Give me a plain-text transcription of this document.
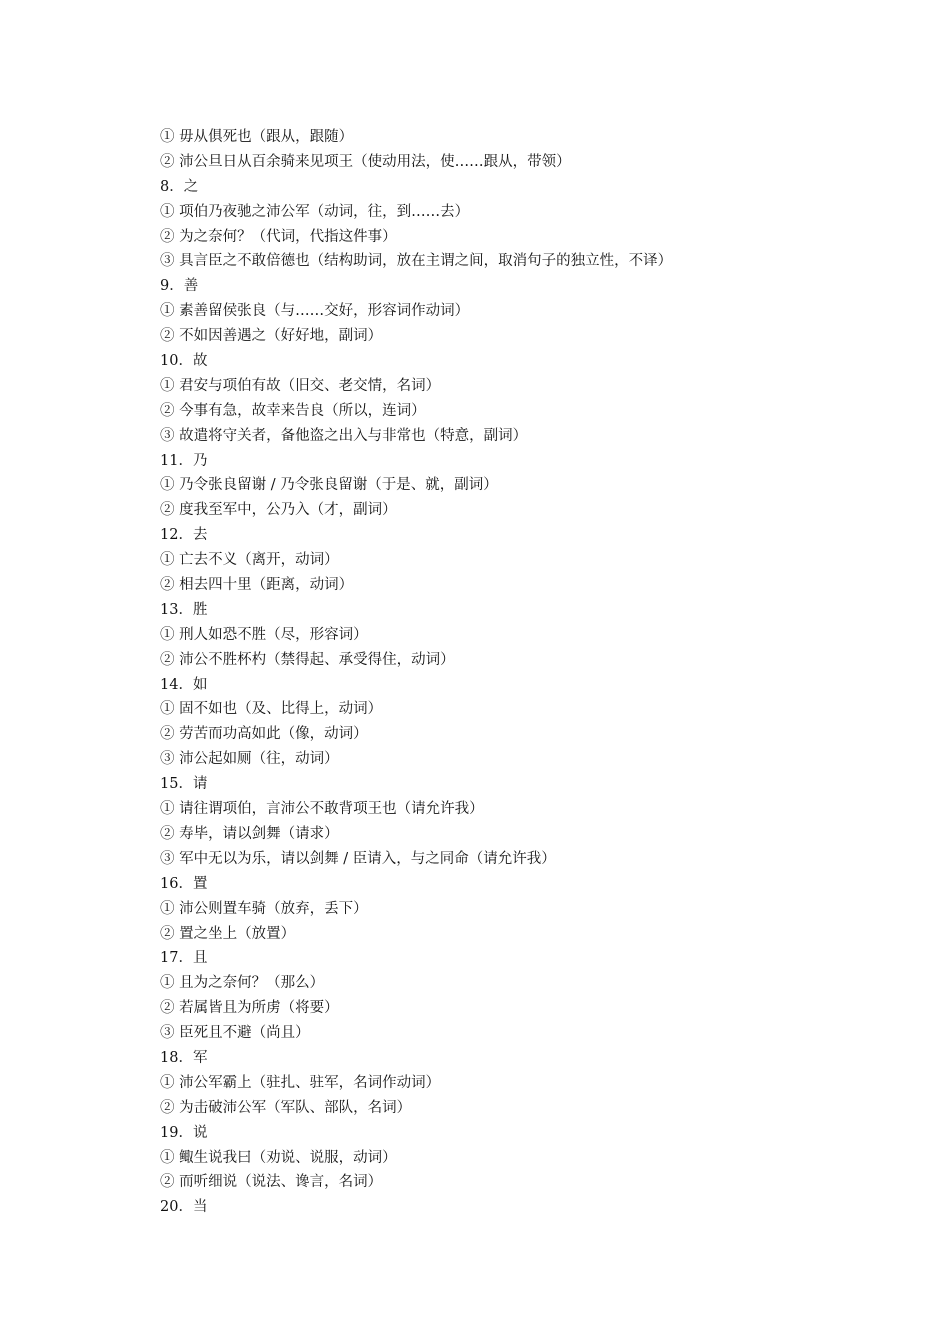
① 毋从俱死也（跟从，跟随）
② 沛公旦日从百余骑来见项王（使动用法，使……跟从，带领）
8．之
① 项伯乃夜驰之沛公军（动词，往，到……去）
② 为之奈何？（代词，代指这件事）
③ 具言臣之不敢倍德也（结构助词，放在主谓之间，取消句子的独立性，不译）
9．善
① 素善留侯张良（与……交好，形容词作动词）
② 不如因善遇之（好好地，副词）
10．故
① 君安与项伯有故（旧交、老交情，名词）
② 今事有急，故幸来告良（所以，连词）
③ 故遣将守关者，备他盗之出入与非常也（特意，副词）
11．乃
① 乃令张良留谢 / 乃令张良留谢（于是、就，副词）
② 度我至军中，公乃入（才，副词）
12．去
① 亡去不义（离开，动词）
② 相去四十里（距离，动词）
13．胜
① 刑人如恐不胜（尽，形容词）
② 沛公不胜杯杓（禁得起、承受得住，动词）
14．如
① 固不如也（及、比得上，动词）
② 劳苦而功高如此（像，动词）
③ 沛公起如厕（往，动词）
15．请
① 请往谓项伯，言沛公不敢背项王也（请允许我）
② 寿毕，请以剑舞（请求）
③ 军中无以为乐，请以剑舞 / 臣请入，与之同命（请允许我）
16．置
① 沛公则置车骑（放弃，丢下）
② 置之坐上（放置）
17．且
① 且为之奈何？（那么）
② 若属皆且为所虏（将要）
③ 臣死且不避（尚且）
18．军
① 沛公军霸上（驻扎、驻军，名词作动词）
② 为击破沛公军（军队、部队，名词）
19．说
① 鲰生说我曰（劝说、说服，动词）
② 而听细说（说法、谗言，名词）
20．当
